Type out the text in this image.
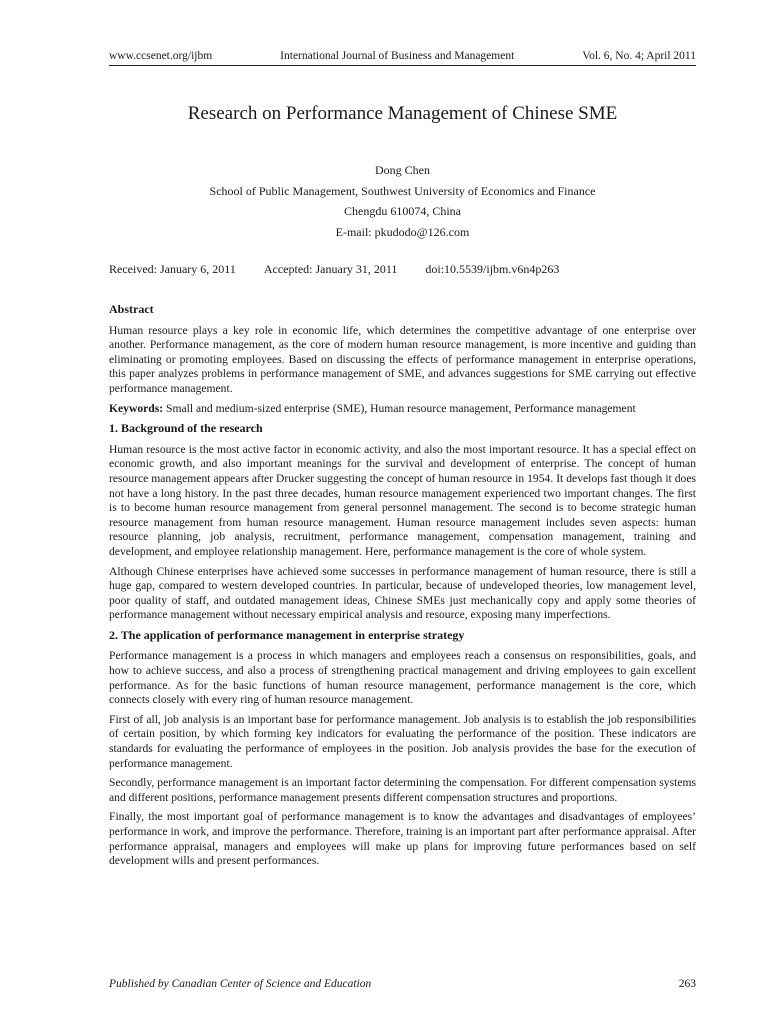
www.ccsenet.org/ijbm	International Journal of Business and Management	Vol. 6, No. 4; April 2011
Research on Performance Management of Chinese SME
Dong Chen
School of Public Management, Southwest University of Economics and Finance
Chengdu 610074, China
E-mail: pkudodo@126.com
Received: January 6, 2011 Accepted: January 31, 2011 doi:10.5539/ijbm.v6n4p263
Abstract
Human resource plays a key role in economic life, which determines the competitive advantage of one enterprise over another. Performance management, as the core of modern human resource management, is more incentive and guiding than eliminating or promoting employees. Based on discussing the effects of performance management in enterprise operations, this paper analyzes problems in performance management of SME, and advances suggestions for SME carrying out effective performance management.
Keywords: Small and medium-sized enterprise (SME), Human resource management, Performance management
1. Background of the research
Human resource is the most active factor in economic activity, and also the most important resource. It has a special effect on economic growth, and also important meanings for the survival and development of enterprise. The concept of human resource management appears after Drucker suggesting the concept of human resource in 1954. It develops fast though it does not have a long history. In the past three decades, human resource management experienced two important changes. The first is to become human resource management from general personnel management. The second is to become strategic human resource management from human resource management. Human resource management includes seven aspects: human resource planning, job analysis, recruitment, performance management, compensation management, training and development, and employee relationship management. Here, performance management is the core of whole system.
Although Chinese enterprises have achieved some successes in performance management of human resource, there is still a huge gap, compared to western developed countries. In particular, because of undeveloped theories, low management level, poor quality of staff, and outdated management ideas, Chinese SMEs just mechanically copy and apply some theories of performance management without necessary empirical analysis and resource, exposing many imperfections.
2. The application of performance management in enterprise strategy
Performance management is a process in which managers and employees reach a consensus on responsibilities, goals, and how to achieve success, and also a process of strengthening practical management and driving employees to gain excellent performance. As for the basic functions of human resource management, performance management is the core, which connects closely with every ring of human resource management.
First of all, job analysis is an important base for performance management. Job analysis is to establish the job responsibilities of certain position, by which forming key indicators for evaluating the performance of the position. These indicators are standards for evaluating the performance of employees in the position. Job analysis provides the base for the execution of performance management.
Secondly, performance management is an important factor determining the compensation. For different compensation systems and different positions, performance management presents different compensation structures and proportions.
Finally, the most important goal of performance management is to know the advantages and disadvantages of employees’ performance in work, and improve the performance. Therefore, training is an important part after performance appraisal. After performance appraisal, managers and employees will make up plans for improving future performances based on self development wills and present performances.
Published by Canadian Center of Science and Education	263
